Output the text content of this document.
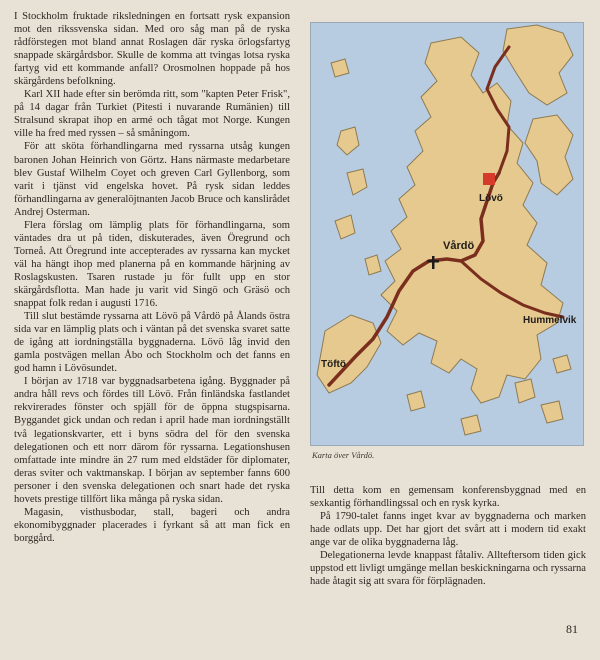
I Stockholm fruktade riksledningen en fortsatt rysk expansion mot den rikssvenska sidan. Med oro såg man på de ryska rådförstegen mot bland annat Roslagen där ryska örlogsfartyg snappade skärgårdsbor. Skulle de komma att tvingas lotsa ryska fartyg vid ett kommande anfall? Orosmolnen hoppade på hos skärgårdens befolkning.

Karl XII hade efter sin berömda ritt, som "kapten Peter Frisk", på 14 dagar från Turkiet (Pitesti i nuvarande Rumänien) till Stralsund skrapat ihop en armé och tågat mot Norge. Kungen ville ha fred med ryssen – så småningom.

För att sköta förhandlingarna med ryssarna utsåg kungen baronen Johan Heinrich von Görtz. Hans närmaste medarbetare blev Gustaf Wilhelm Coyet och greven Carl Gyllenborg, som varit i tjänst vid engelska hovet. På rysk sidan leddes förhandlingarna av generalöjtnanten Jacob Bruce och kanslirådet Andrej Osterman.

Flera förslag om lämplig plats för förhandlingarna, som väntades dra ut på tiden, diskuterades, även Öregrund och Torneå. Att Öregrund inte accepterades av ryssarna kan mycket väl ha hängt ihop med planerna på en kommande härjning av Roslagskusten. Tsaren rustade ju för fullt upp en stor skärgårdsflotta. Man hade ju varit vid Singö och Gräsö och snappat folk redan i augusti 1716.

Till slut bestämde ryssarna att Lövö på Vårdö på Ålands östra sida var en lämplig plats och i väntan på det svenska svaret satte de igång att iordningställa byggnaderna. Lövö låg invid den gamla postvägen mellan Åbo och Stockholm och det fanns en god hamn i Lövösundet.

I början av 1718 var byggnadsarbetena igång. Byggnader på andra håll revs och fördes till Lövö. Från finländska fastlandet rekvirerades fönster och spjäll för de öppna stugspisarna. Byggandet gick undan och redan i april hade man iordningställt två legationskvarter, ett i byns södra del för den svenska delegationen och ett norr därom för ryssarna. Legationshusen omfattade inte mindre än 27 rum med eldstäder för diplomater, deras sviter och vaktmanskap. I början av september fanns 600 personer i den svenska delegationen och snart hade det ryska hovets prestige tillfört lika många på ryska sidan.

Magasin, visthusbodar, stall, bageri och andra ekonomibyggnader placerades i fyrkant så att man fick en borggård.

Lövö
Vårdö
Hummelvik
Töftö
Karta över Vårdö.

Till detta kom en gemensam konferensbyggnad med en sexkantig förhandlingssal och en rysk kyrka.

På 1790-talet fanns inget kvar av byggnaderna och marken hade odlats upp. Det har gjort det svårt att i modern tid exakt ange var de olika byggnaderna låg.

Delegationerna levde knappast fåtaliv. Allteftersom tiden gick uppstod ett livligt umgänge mellan beskickningarna och ryssarna hade åtagit sig att svara för förplägnaden.

81
